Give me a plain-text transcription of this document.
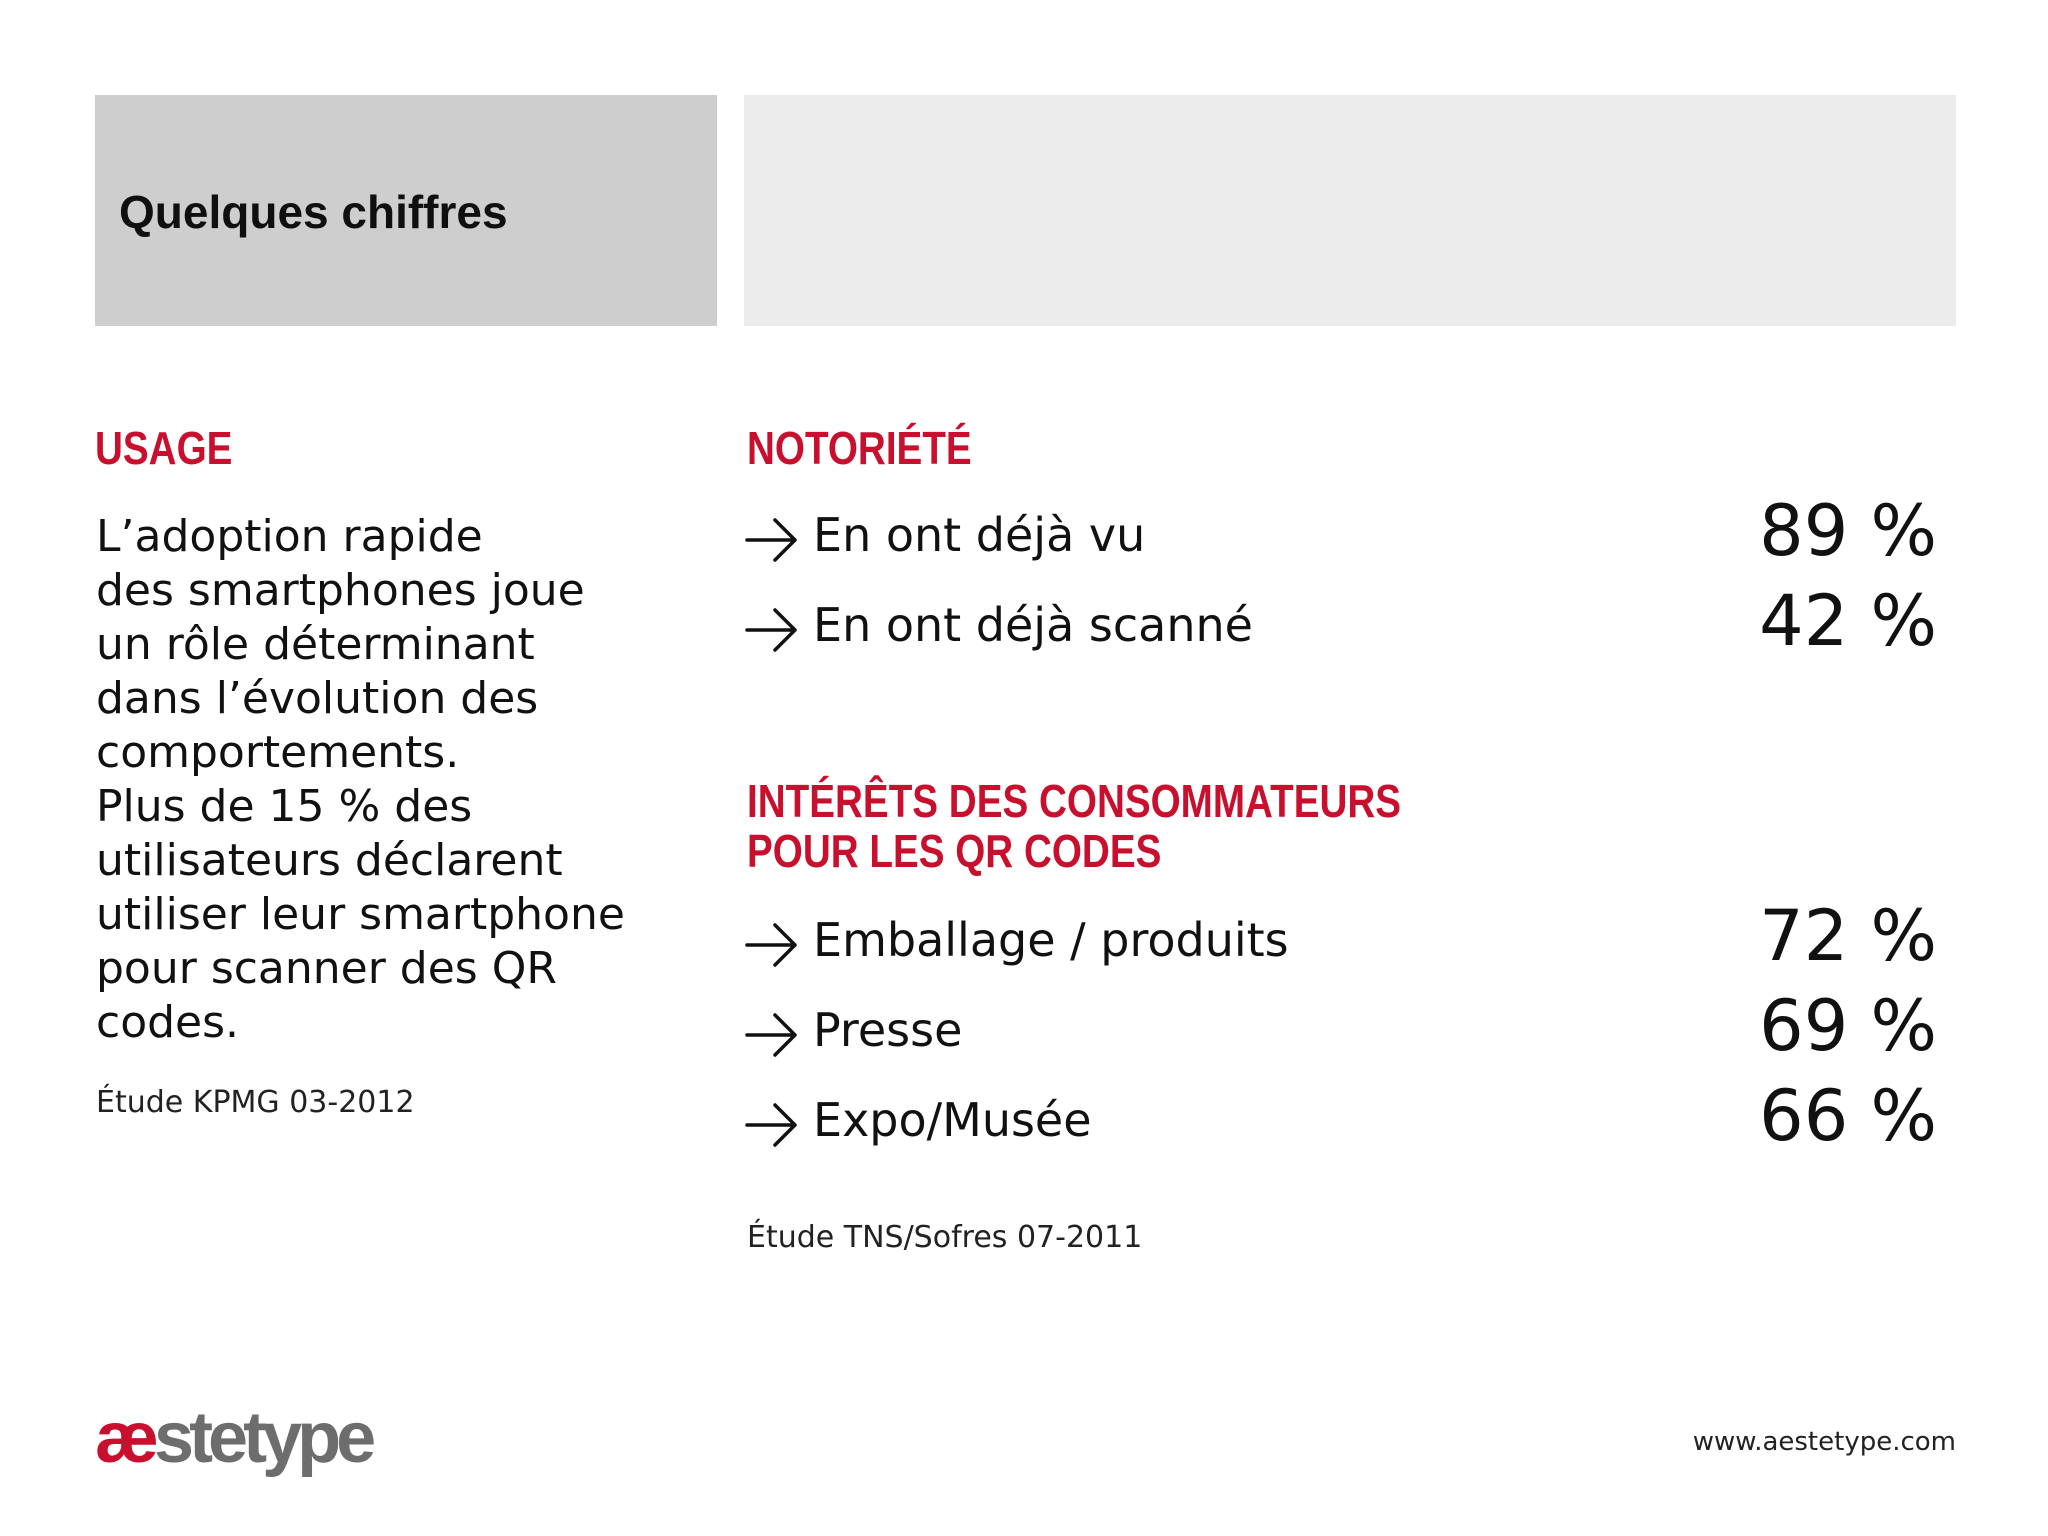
Quelques chiffres
USAGE

L’adoption rapide
des smartphones joue
un rôle déterminant
dans l’évolution des
comportements.
Plus de 15 % des
utilisateurs déclarent
utiliser leur smartphone
pour scanner des QR
codes.

Étude KPMG 03-2012

NOTORIÉTÉ
En ont déjà vu	89 %
En ont déjà scanné	42 %
INTÉRÊTS DES CONSOMMATEURS
POUR LES QR CODES
Emballage / produits	72 %
Presse	69 %
Expo/Musée	66 %

Étude TNS/Sofres 07-2011

æstetype	www.aestetype.com
